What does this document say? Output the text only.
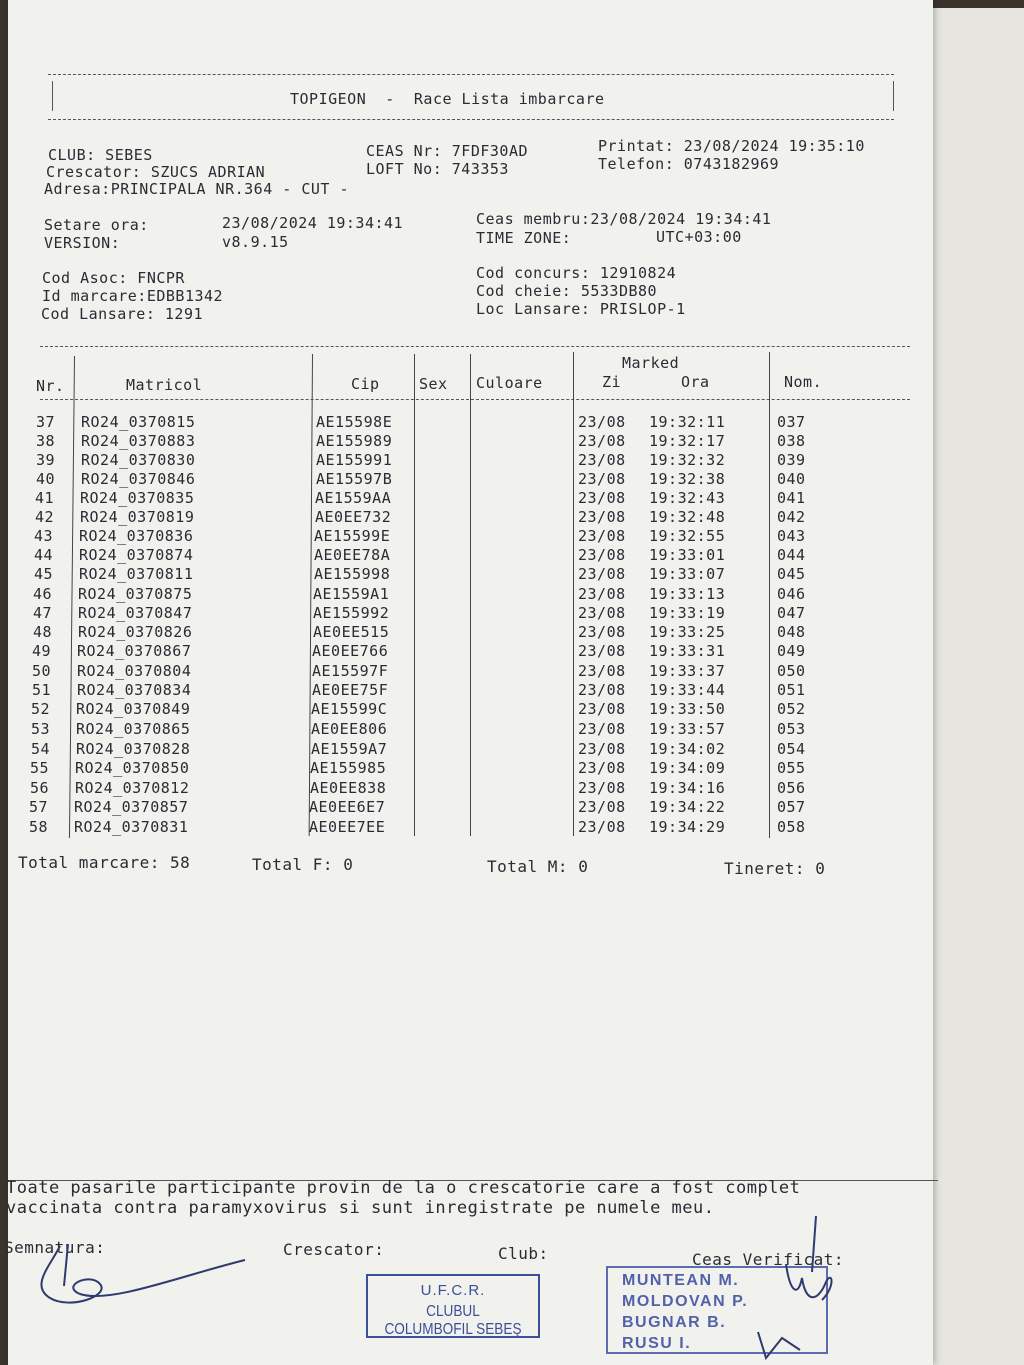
TOPIGEON  -  Race Lista imbarcare
CLUB: SEBES
Crescator: SZUCS ADRIAN
Adresa:PRINCIPALA NR.364 - CUT -
CEAS Nr: 7FDF30AD
LOFT No: 743353
Printat: 23/08/2024 19:35:10
Telefon: 0743182969
Setare ora:	23/08/2024 19:34:41
VERSION:	v8.9.15
Ceas membru:23/08/2024 19:34:41
TIME ZONE:	UTC+03:00
Cod Asoc: FNCPR
Id marcare:EDBB1342
Cod Lansare: 1291
Cod concurs: 12910824
Cod cheie: 5533DB80
Loc Lansare: PRISLOP-1
Marked
Nr.	Matricol	Cip	Sex Culoare	Zi	Ora	Nom.
37 RO24_0370815	AE15598E	23/08 19:32:11	037
38 RO24_0370883	AE155989	23/08 19:32:17	038
39 RO24_0370830	AE155991	23/08 19:32:32	039
40 RO24_0370846	AE15597B	23/08 19:32:38	040
41 RO24_0370835	AE1559AA	23/08 19:32:43	041
42 RO24_0370819	AE0EE732	23/08 19:32:48	042
43 RO24_0370836	AE15599E	23/08 19:32:55	043
44 RO24_0370874	AE0EE78A	23/08 19:33:01	044
45 RO24_0370811	AE155998	23/08 19:33:07	045
46 RO24_0370875	AE1559A1	23/08 19:33:13	046
47 RO24_0370847	AE155992	23/08 19:33:19	047
48 RO24_0370826	AE0EE515	23/08 19:33:25	048
49 RO24_0370867	AE0EE766	23/08 19:33:31	049
50 RO24_0370804	AE15597F	23/08 19:33:37	050
51 RO24_0370834	AE0EE75F	23/08 19:33:44	051
52 RO24_0370849	AE15599C	23/08 19:33:50	052
53 RO24_0370865	AE0EE806	23/08 19:33:57	053
54 RO24_0370828	AE1559A7	23/08 19:34:02	054
55 RO24_0370850	AE155985	23/08 19:34:09	055
56 RO24_0370812	AE0EE838	23/08 19:34:16	056
57 RO24_0370857	AE0EE6E7	23/08 19:34:22	057
58 RO24_0370831	AE0EE7EE	23/08 19:34:29	058
Total marcare: 58	Total F: 0	Total M: 0	Tineret: 0
Toate pasarile participante provin de la o crescatorie care a fost complet
vaccinata contra paramyxovirus si sunt inregistrate pe numele meu.
Semnatura:	Crescator:	Club:	Ceas Verificat:
U.F.C.R.
CLUBUL COLUMBOFIL SEBEŞ
MUNTEAN M.
MOLDOVAN P.
BUGNAR B.
RUSU I.
